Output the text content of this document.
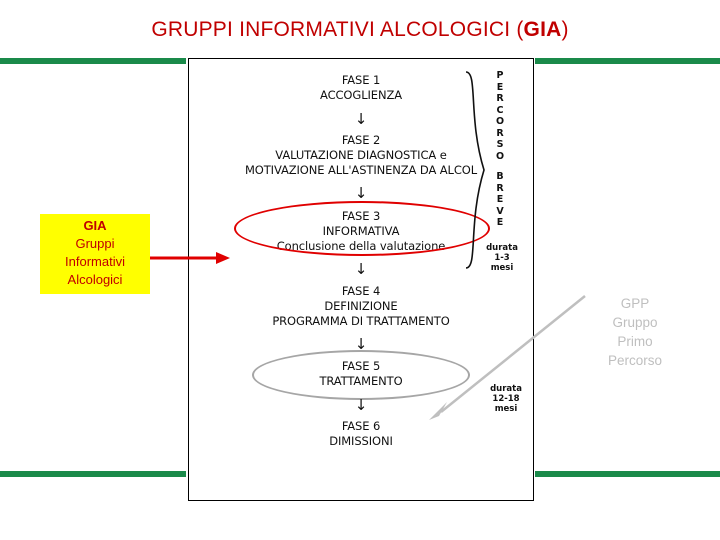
GRUPPI INFORMATIVI ALCOLOGICI (GIA)
FASE 1
ACCOGLIENZA
↓
FASE 2
VALUTAZIONE DIAGNOSTICA e
MOTIVAZIONE ALL'ASTINENZA DA ALCOL
↓
FASE 3
INFORMATIVA
Conclusione della valutazione
↓
FASE 4
DEFINIZIONE
PROGRAMMA DI TRATTAMENTO
↓
FASE 5
TRATTAMENTO
↓
FASE 6
DIMISSIONI
P
E
R
C
O
R
S
O
B
R
E
V
E
durata
1-3
mesi
durata
12-18
mesi
GIA
Gruppi
Informativi
Alcologici
GPP
Gruppo
Primo
Percorso
